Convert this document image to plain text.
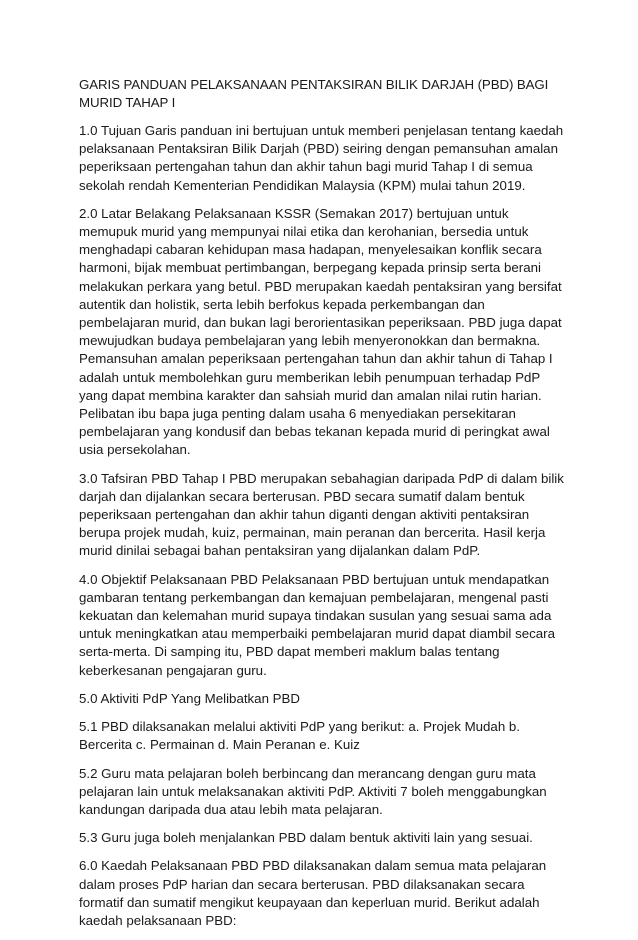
GARIS PANDUAN PELAKSANAAN PENTAKSIRAN BILIK DARJAH (PBD) BAGI MURID TAHAP I

1.0 Tujuan Garis panduan ini bertujuan untuk memberi penjelasan tentang kaedah pelaksanaan Pentaksiran Bilik Darjah (PBD) seiring dengan pemansuhan amalan peperiksaan pertengahan tahun dan akhir tahun bagi murid Tahap I di semua sekolah rendah Kementerian Pendidikan Malaysia (KPM) mulai tahun 2019.

2.0 Latar Belakang Pelaksanaan KSSR (Semakan 2017) bertujuan untuk memupuk murid yang mempunyai nilai etika dan kerohanian, bersedia untuk menghadapi cabaran kehidupan masa hadapan, menyelesaikan konflik secara harmoni, bijak membuat pertimbangan, berpegang kepada prinsip serta berani melakukan perkara yang betul. PBD merupakan kaedah pentaksiran yang bersifat autentik dan holistik, serta lebih berfokus kepada perkembangan dan pembelajaran murid, dan bukan lagi berorientasikan peperiksaan. PBD juga dapat mewujudkan budaya pembelajaran yang lebih menyeronokkan dan bermakna. Pemansuhan amalan peperiksaan pertengahan tahun dan akhir tahun di Tahap I adalah untuk membolehkan guru memberikan lebih penumpuan terhadap PdP yang dapat membina karakter dan sahsiah murid dan amalan nilai rutin harian. Pelibatan ibu bapa juga penting dalam usaha 6 menyediakan persekitaran pembelajaran yang kondusif dan bebas tekanan kepada murid di peringkat awal usia persekolahan.

3.0 Tafsiran PBD Tahap I PBD merupakan sebahagian daripada PdP di dalam bilik darjah dan dijalankan secara berterusan. PBD secara sumatif dalam bentuk peperiksaan pertengahan dan akhir tahun diganti dengan aktiviti pentaksiran berupa projek mudah, kuiz, permainan, main peranan dan bercerita. Hasil kerja murid dinilai sebagai bahan pentaksiran yang dijalankan dalam PdP.

4.0 Objektif Pelaksanaan PBD Pelaksanaan PBD bertujuan untuk mendapatkan gambaran tentang perkembangan dan kemajuan pembelajaran, mengenal pasti kekuatan dan kelemahan murid supaya tindakan susulan yang sesuai sama ada untuk meningkatkan atau memperbaiki pembelajaran murid dapat diambil secara serta-merta. Di samping itu, PBD dapat memberi maklum balas tentang keberkesanan pengajaran guru.

5.0 Aktiviti PdP Yang Melibatkan PBD

5.1 PBD dilaksanakan melalui aktiviti PdP yang berikut: a. Projek Mudah b. Bercerita c. Permainan d. Main Peranan e. Kuiz

5.2 Guru mata pelajaran boleh berbincang dan merancang dengan guru mata pelajaran lain untuk melaksanakan aktiviti PdP. Aktiviti 7 boleh menggabungkan kandungan daripada dua atau lebih mata pelajaran.

5.3 Guru juga boleh menjalankan PBD dalam bentuk aktiviti lain yang sesuai.

6.0 Kaedah Pelaksanaan PBD PBD dilaksanakan dalam semua mata pelajaran dalam proses PdP harian dan secara berterusan. PBD dilaksanakan secara formatif dan sumatif mengikut keupayaan dan keperluan murid. Berikut adalah kaedah pelaksanaan PBD:
